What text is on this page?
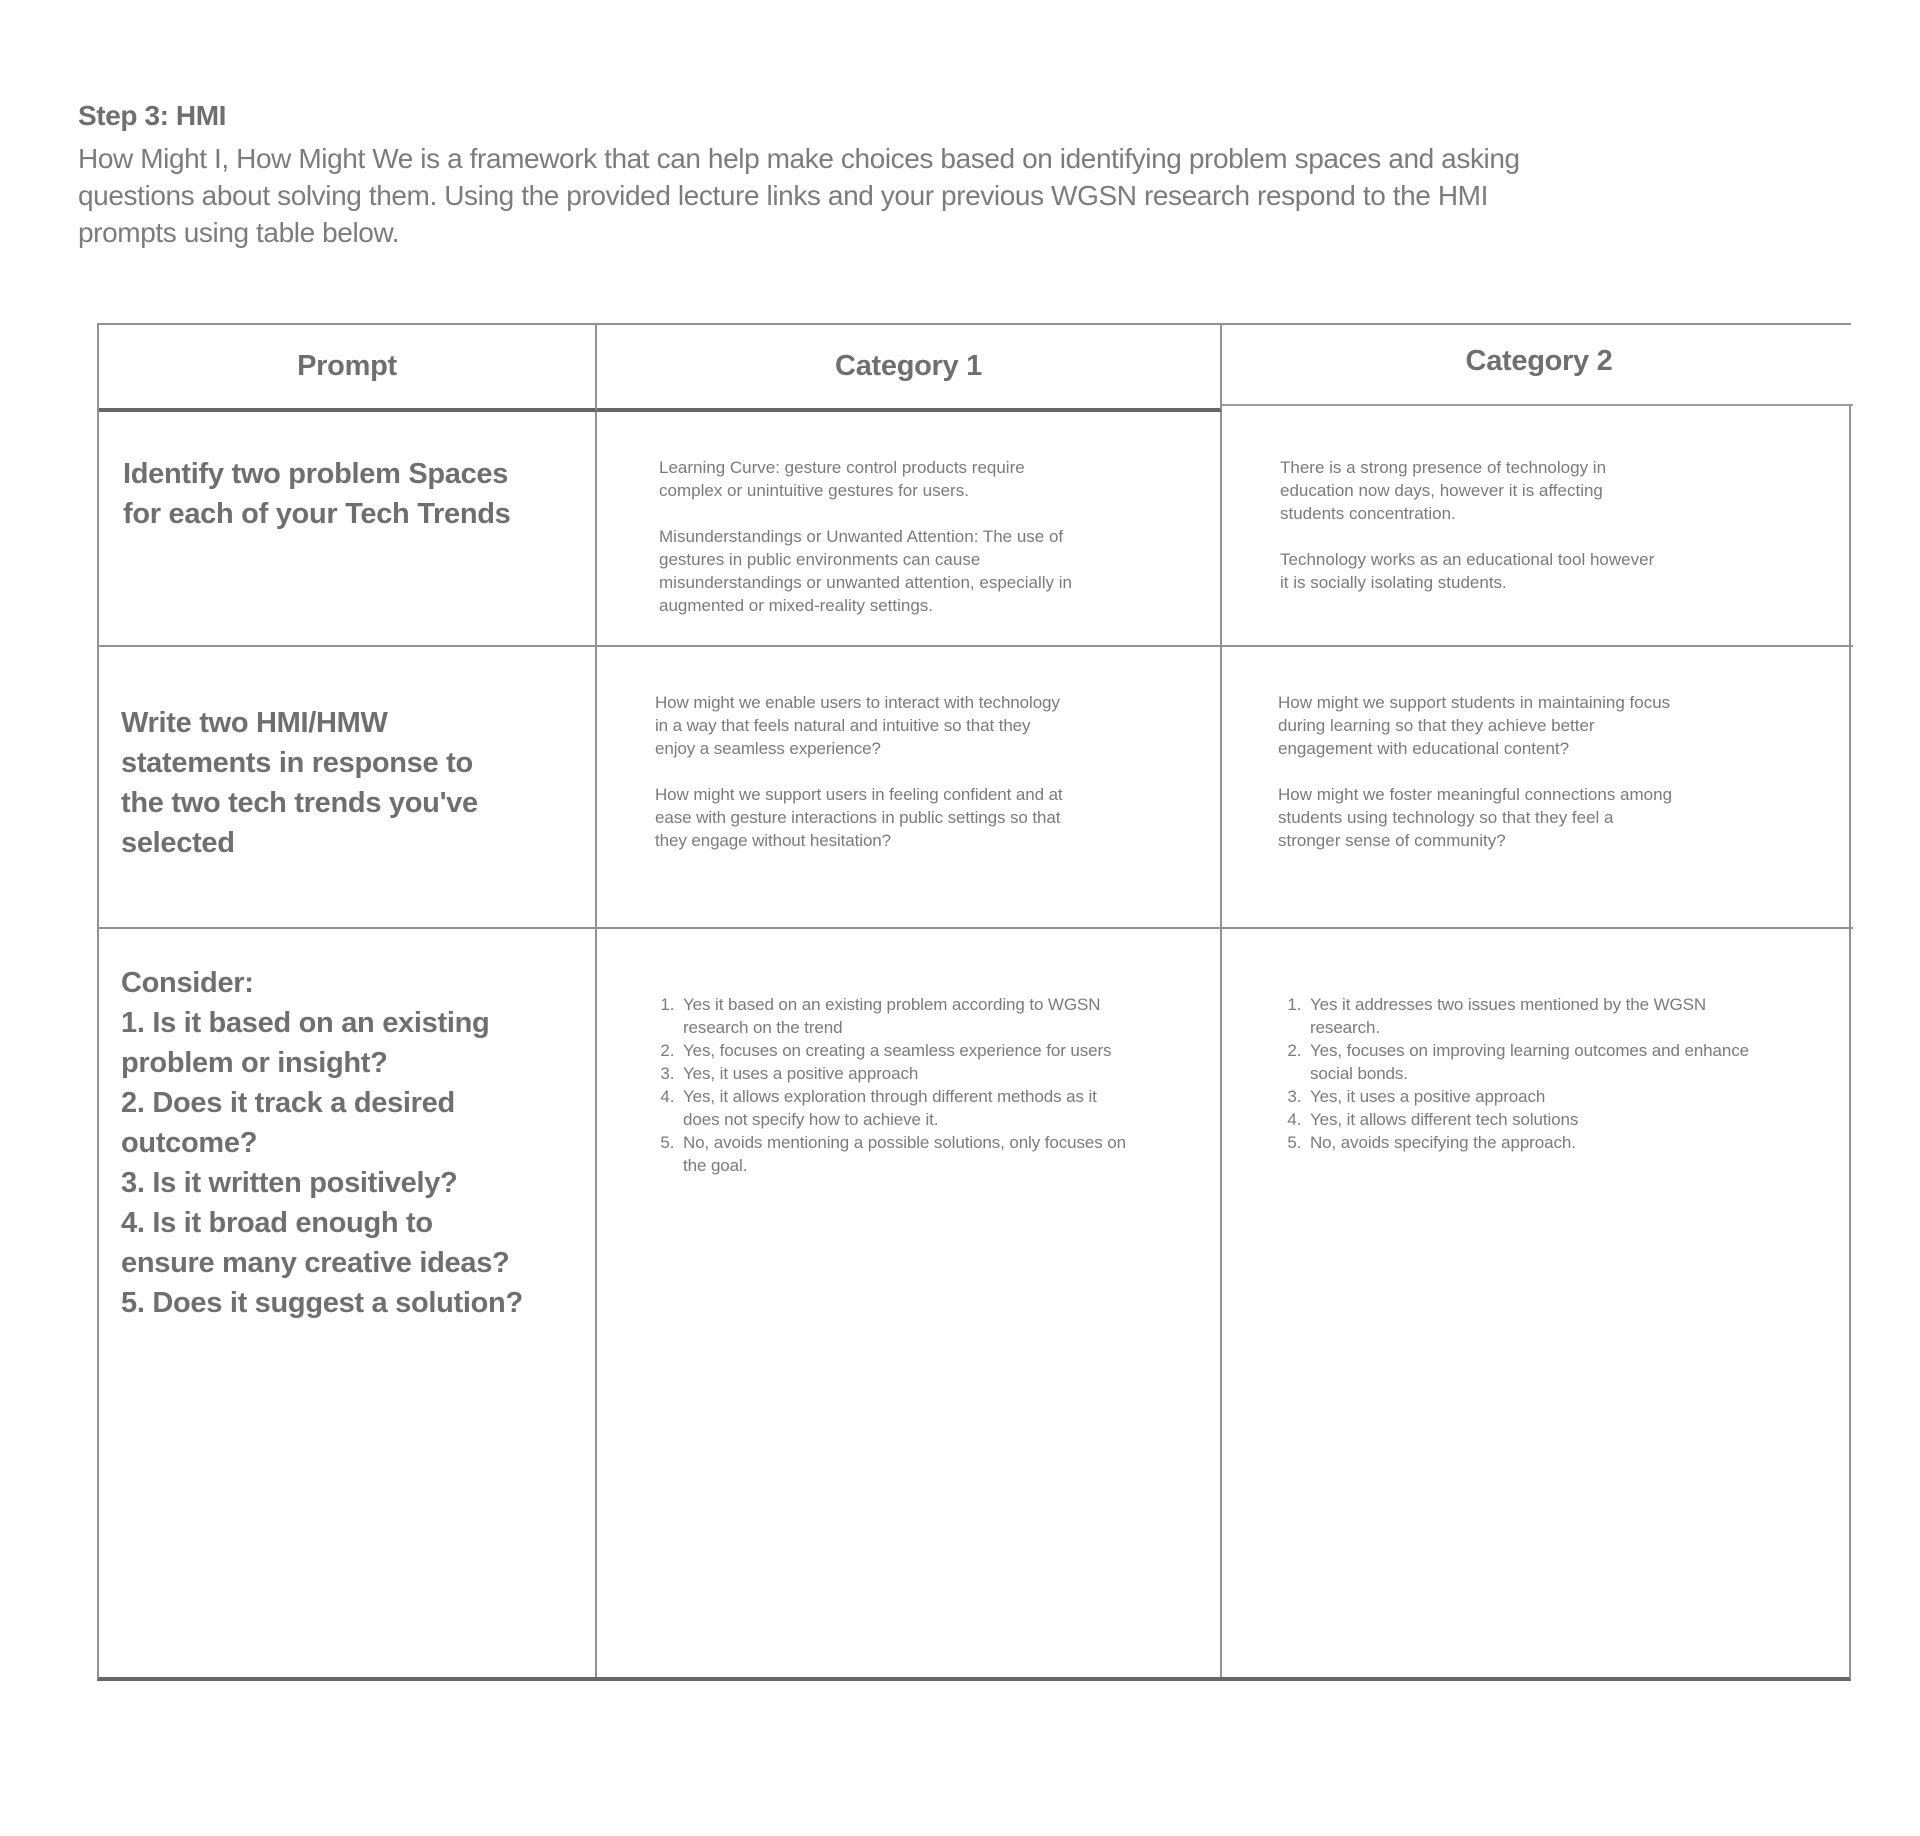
Step 3: HMI

How Might I, How Might We is a framework that can help make choices based on identifying problem spaces and asking questions about solving them. Using the provided lecture links and your previous WGSN research respond to the HMI prompts using table below.

Prompt	Category 1	Category 2
Identify two problem Spaces for each of your Tech Trends

Learning Curve: gesture control products require complex or unintuitive gestures for users.

Misunderstandings or Unwanted Attention: The use of gestures in public environments can cause misunderstandings or unwanted attention, especially in augmented or mixed-reality settings.

There is a strong presence of technology in education now days, however it is affecting students concentration.

Technology works as an educational tool however it is socially isolating students.

Write two HMI/HMW statements in response to the two tech trends you've selected

How might we enable users to interact with technology in a way that feels natural and intuitive so that they enjoy a seamless experience?

How might we support users in feeling confident and at ease with gesture interactions in public settings so that they engage without hesitation?

How might we support students in maintaining focus during learning so that they achieve better engagement with educational content?

How might we foster meaningful connections among students using technology so that they feel a stronger sense of community?

Consider:
1. Is it based on an existing problem or insight?
2. Does it track a desired outcome?
3. Is it written positively?
4. Is it broad enough to ensure many creative ideas?
5. Does it suggest a solution?
1. Yes it based on an existing problem according to WGSN research on the trend
2. Yes, focuses on creating a seamless experience for users
3. Yes, it uses a positive approach
4. Yes, it allows exploration through different methods as it does not specify how to achieve it.
5. No, avoids mentioning a possible solutions, only focuses on the goal.
1. Yes it addresses two issues mentioned by the WGSN research.
2. Yes, focuses on improving learning outcomes and enhance social bonds.
3. Yes, it uses a positive approach
4. Yes, it allows different tech solutions
5. No, avoids specifying the approach.
